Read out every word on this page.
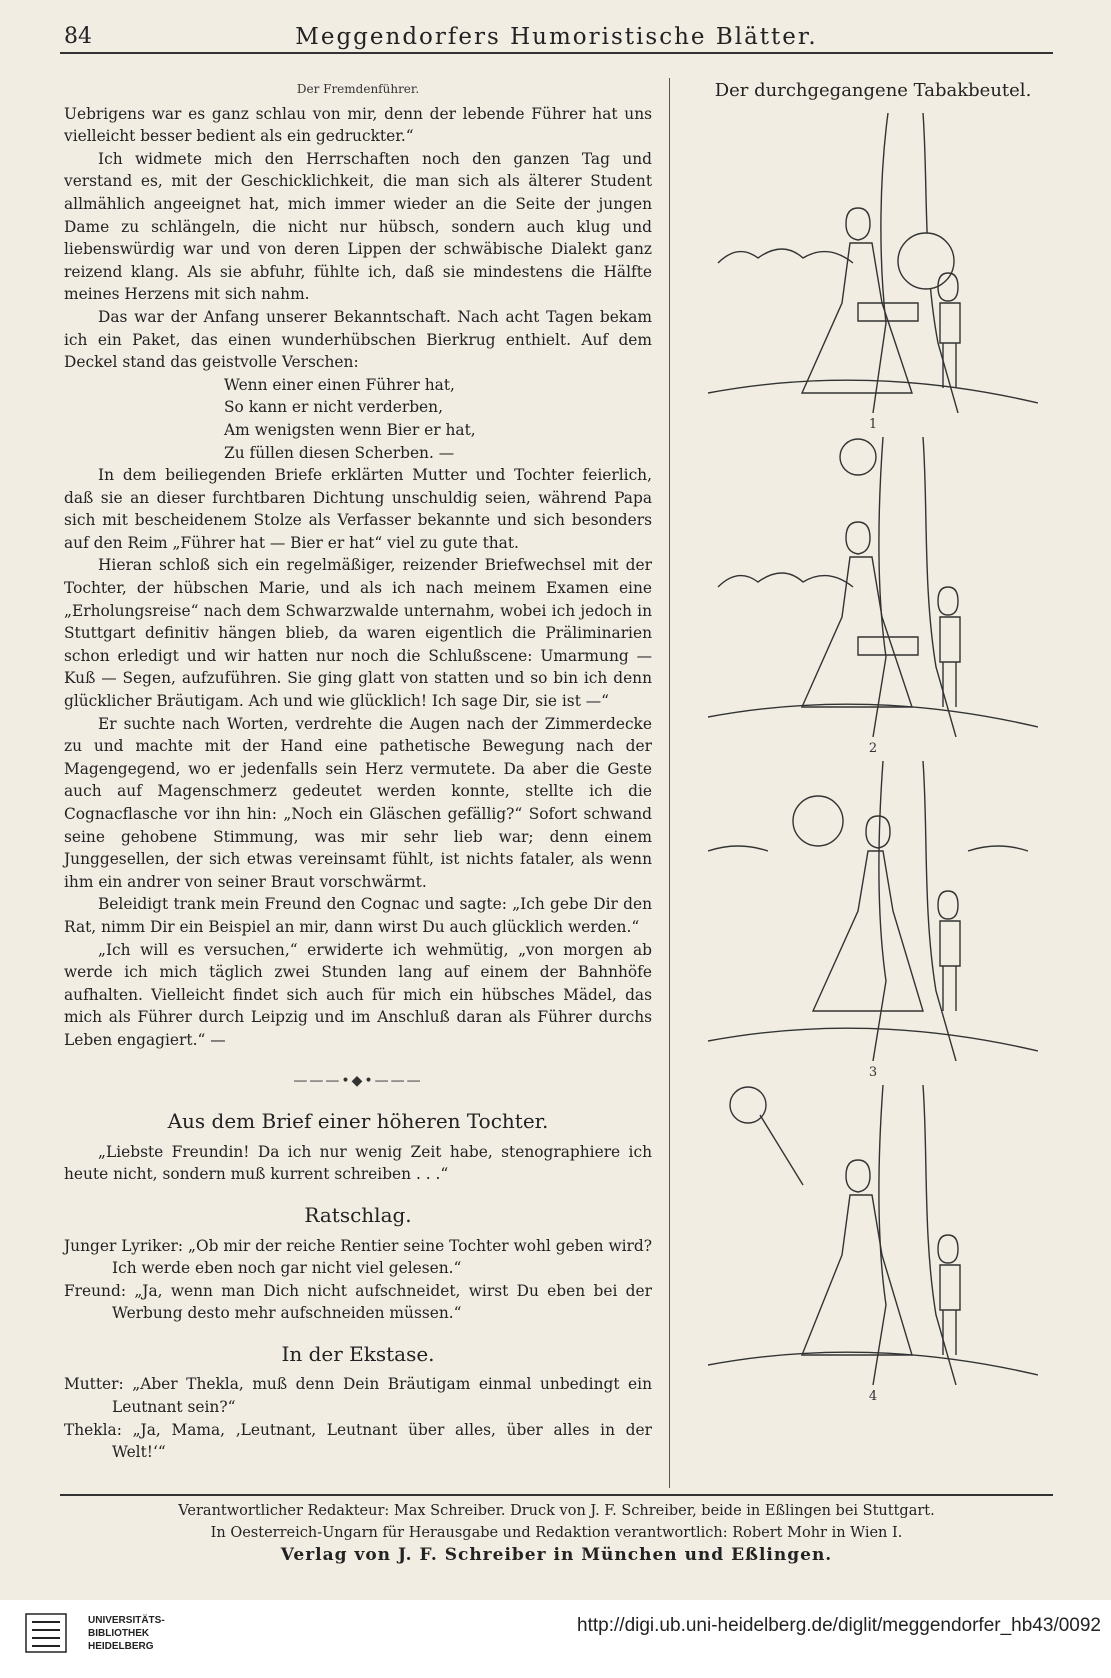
84	Meggendorfers Humoristische Blätter.
Der Fremdenführer.

Uebrigens war es ganz schlau von mir, denn der lebende Führer hat uns vielleicht besser bedient als ein gedruckter.“

Ich widmete mich den Herrschaften noch den ganzen Tag und verstand es, mit der Geschicklichkeit, die man sich als älterer Student allmählich angeeignet hat, mich immer wieder an die Seite der jungen Dame zu schlängeln, die nicht nur hübsch, sondern auch klug und liebenswürdig war und von deren Lippen der schwäbische Dialekt ganz reizend klang. Als sie abfuhr, fühlte ich, daß sie mindestens die Hälfte meines Herzens mit sich nahm.

Das war der Anfang unserer Bekanntschaft. Nach acht Tagen bekam ich ein Paket, das einen wunderhübschen Bierkrug enthielt. Auf dem Deckel stand das geistvolle Verschen:

Wenn einer einen Führer hat,
So kann er nicht verderben,
Am wenigsten wenn Bier er hat,
Zu füllen diesen Scherben. —

In dem beiliegenden Briefe erklärten Mutter und Tochter feierlich, daß sie an dieser furchtbaren Dichtung unschuldig seien, während Papa sich mit bescheidenem Stolze als Verfasser bekannte und sich besonders auf den Reim „Führer hat — Bier er hat“ viel zu gute that.

Hieran schloß sich ein regelmäßiger, reizender Briefwechsel mit der Tochter, der hübschen Marie, und als ich nach meinem Examen eine „Erholungsreise“ nach dem Schwarzwalde unternahm, wobei ich jedoch in Stuttgart definitiv hängen blieb, da waren eigentlich die Präliminarien schon erledigt und wir hatten nur noch die Schlußscene: Umarmung — Kuß — Segen, aufzuführen. Sie ging glatt von statten und so bin ich denn glücklicher Bräutigam. Ach und wie glücklich! Ich sage Dir, sie ist —“

Er suchte nach Worten, verdrehte die Augen nach der Zimmerdecke zu und machte mit der Hand eine pathetische Bewegung nach der Magengegend, wo er jedenfalls sein Herz vermutete. Da aber die Geste auch auf Magenschmerz gedeutet werden konnte, stellte ich die Cognacflasche vor ihn hin: „Noch ein Gläschen gefällig?“ Sofort schwand seine gehobene Stimmung, was mir sehr lieb war; denn einem Junggesellen, der sich etwas vereinsamt fühlt, ist nichts fataler, als wenn ihm ein andrer von seiner Braut vorschwärmt.

Beleidigt trank mein Freund den Cognac und sagte: „Ich gebe Dir den Rat, nimm Dir ein Beispiel an mir, dann wirst Du auch glücklich werden.“

„Ich will es versuchen,“ erwiderte ich wehmütig, „von morgen ab werde ich mich täglich zwei Stunden lang auf einem der Bahnhöfe aufhalten. Vielleicht findet sich auch für mich ein hübsches Mädel, das mich als Führer durch Leipzig und im Anschluß daran als Führer durchs Leben engagiert.“ —

———•◆•———
Aus dem Brief einer höheren Tochter.

„Liebste Freundin! Da ich nur wenig Zeit habe, stenographiere ich heute nicht, sondern muß kurrent schreiben . . .“

Ratschlag.

Junger Lyriker: „Ob mir der reiche Rentier seine Tochter wohl geben wird? Ich werde eben noch gar nicht viel gelesen.“

Freund: „Ja, wenn man Dich nicht aufschneidet, wirst Du eben bei der Werbung desto mehr aufschneiden müssen.“

In der Ekstase.

Mutter: „Aber Thekla, muß denn Dein Bräutigam einmal unbedingt ein Leutnant sein?“

Thekla: „Ja, Mama, ‚Leutnant, Leutnant über alles, über alles in der Welt!‘“

Der durchgegangene Tabakbeutel.
1
2
3
4
Verantwortlicher Redakteur: Max Schreiber. Druck von J. F. Schreiber, beide in Eßlingen bei Stuttgart.
In Oesterreich-Ungarn für Herausgabe und Redaktion verantwortlich: Robert Mohr in Wien I.
Verlag von J. F. Schreiber in München und Eßlingen.
UNIVERSITÄTS-
BIBLIOTHEK
HEIDELBERG
http://digi.ub.uni-heidelberg.de/diglit/meggendorfer_hb43/0092
